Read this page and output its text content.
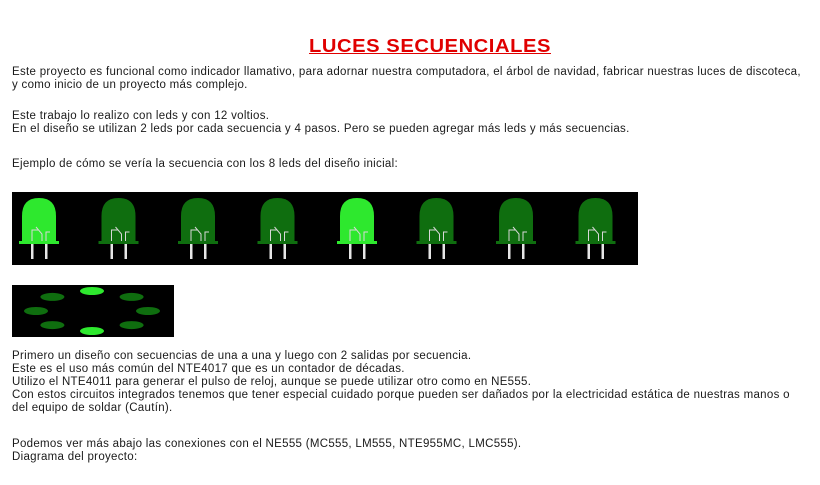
LUCES SECUENCIALES
Este proyecto es funcional como indicador llamativo, para adornar nuestra computadora, el árbol de navidad, fabricar nuestras luces de discoteca, y como inicio de un proyecto más complejo.
Este trabajo lo realizo con leds y con 12 voltios.
En el diseño se utilizan 2 leds por cada secuencia y 4 pasos. Pero se pueden agregar más leds y más secuencias.
Ejemplo de cómo se vería la secuencia con los 8 leds del diseño inicial:
Primero un diseño con secuencias de una a una y luego con 2 salidas por secuencia.
Este es el uso más común del NTE4017 que es un contador de décadas.
Utilizo el NTE4011 para generar el pulso de reloj, aunque se puede utilizar otro como en NE555.
Con estos circuitos integrados tenemos que tener especial cuidado porque pueden ser dañados por la electricidad estática de nuestras manos o del equipo de soldar (Cautín).
Podemos ver más abajo las conexiones con el NE555 (MC555, LM555, NTE955MC, LMC555).
Diagrama del proyecto:
